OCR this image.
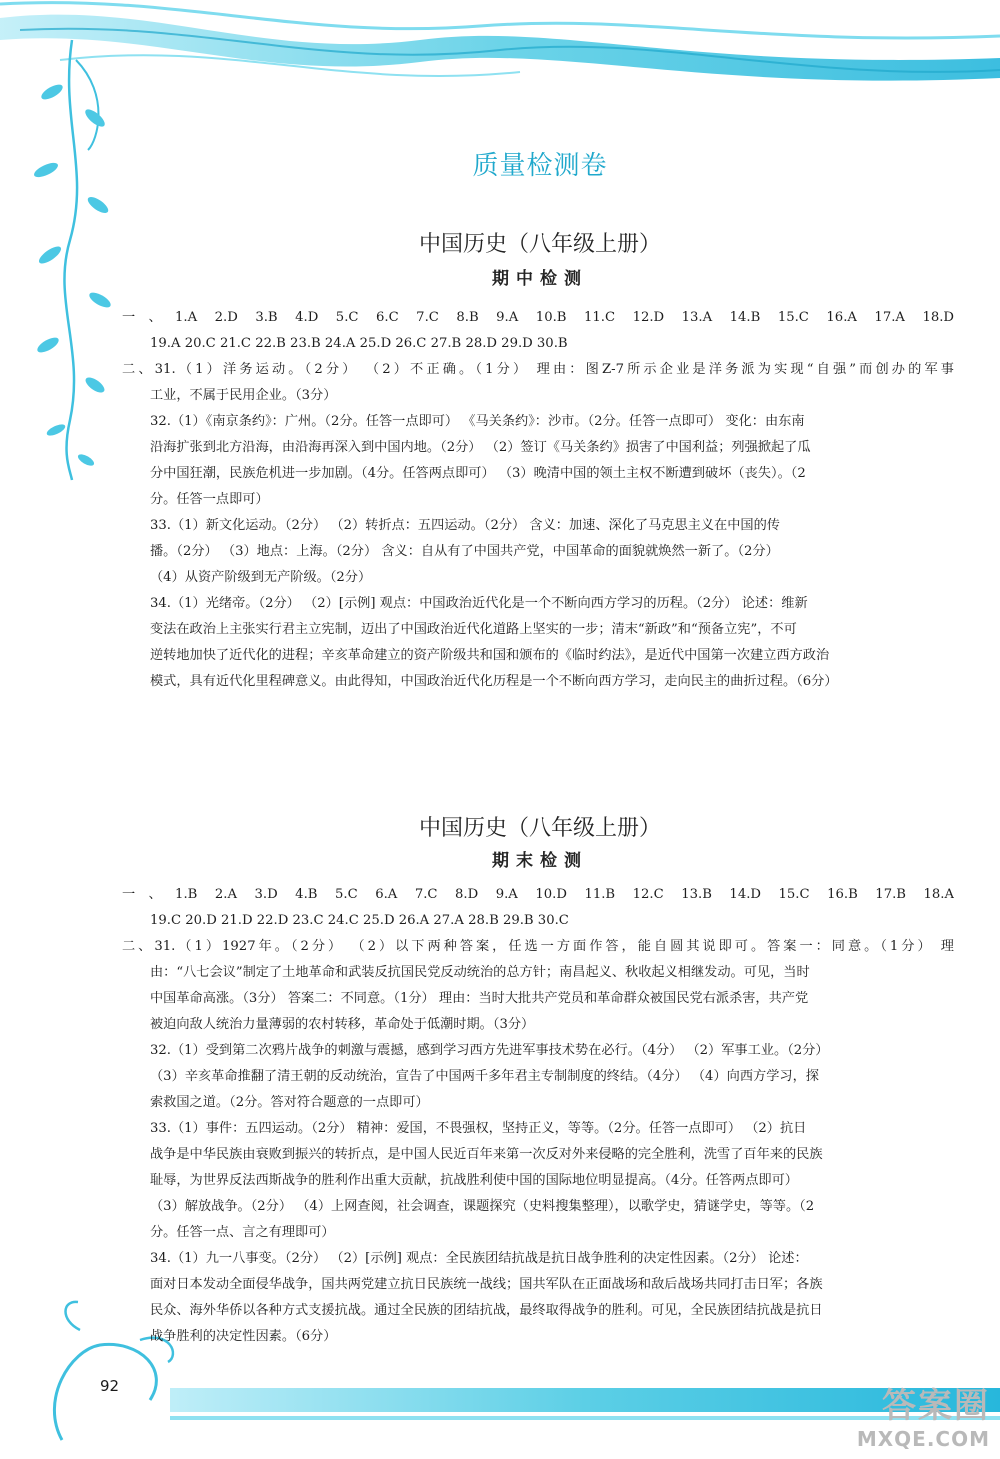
质量检测卷
中国历史（八年级上册）
期中检测
一、1.A 2.D 3.B 4.D 5.C 6.C 7.C 8.B 9.A 10.B 11.C 12.D 13.A 14.B 15.C 16.A 17.A 18.D
19.A 20.C 21.C 22.B 23.B 24.A 25.D 26.C 27.B 28.D 29.D 30.B
二、31.（1）洋务运动。（2分） （2）不正确。（1分） 理由：图Z-7所示企业是洋务派为实现“自强”而创办的军事
工业，不属于民用企业。（3分）
32.（1）《南京条约》：广州。（2分。任答一点即可） 《马关条约》：沙市。（2分。任答一点即可） 变化：由东南
沿海扩张到北方沿海，由沿海再深入到中国内地。（2分） （2）签订《马关条约》损害了中国利益；列强掀起了瓜
分中国狂潮，民族危机进一步加剧。（4分。任答两点即可） （3）晚清中国的领土主权不断遭到破坏（丧失）。（2
分。任答一点即可）
33.（1）新文化运动。（2分） （2）转折点：五四运动。（2分） 含义：加速、深化了马克思主义在中国的传
播。（2分） （3）地点：上海。（2分） 含义：自从有了中国共产党，中国革命的面貌就焕然一新了。（2分）
（4）从资产阶级到无产阶级。（2分）
34.（1）光绪帝。（2分） （2）[示例] 观点：中国政治近代化是一个不断向西方学习的历程。（2分） 论述：维新
变法在政治上主张实行君主立宪制，迈出了中国政治近代化道路上坚实的一步；清末“新政”和“预备立宪”，不可
逆转地加快了近代化的进程；辛亥革命建立的资产阶级共和国和颁布的《临时约法》，是近代中国第一次建立西方政治
模式，具有近代化里程碑意义。由此得知，中国政治近代化历程是一个不断向西方学习，走向民主的曲折过程。（6分）
中国历史（八年级上册）
期末检测
一、1.B 2.A 3.D 4.B 5.C 6.A 7.C 8.D 9.A 10.D 11.B 12.C 13.B 14.D 15.C 16.B 17.B 18.A
19.C 20.D 21.D 22.D 23.C 24.C 25.D 26.A 27.A 28.B 29.B 30.C
二、31.（1）1927年。（2分） （2）以下两种答案，任选一方面作答，能自圆其说即可。答案一：同意。（1分） 理
由：“八七会议”制定了土地革命和武装反抗国民党反动统治的总方针；南昌起义、秋收起义相继发动。可见，当时
中国革命高涨。（3分） 答案二：不同意。（1分） 理由：当时大批共产党员和革命群众被国民党右派杀害，共产党
被迫向敌人统治力量薄弱的农村转移，革命处于低潮时期。（3分）
32.（1）受到第二次鸦片战争的刺激与震撼，感到学习西方先进军事技术势在必行。（4分） （2）军事工业。（2分）
（3）辛亥革命推翻了清王朝的反动统治，宣告了中国两千多年君主专制制度的终结。（4分） （4）向西方学习，探
索救国之道。（2分。答对符合题意的一点即可）
33.（1）事件：五四运动。（2分） 精神：爱国，不畏强权，坚持正义，等等。（2分。任答一点即可） （2）抗日
战争是中华民族由衰败到振兴的转折点，是中国人民近百年来第一次反对外来侵略的完全胜利，洗雪了百年来的民族
耻辱，为世界反法西斯战争的胜利作出重大贡献，抗战胜利使中国的国际地位明显提高。（4分。任答两点即可）
（3）解放战争。（2分） （4）上网查阅，社会调查，课题探究（史料搜集整理），以歌学史，猜谜学史，等等。（2
分。任答一点、言之有理即可）
34.（1）九一八事变。（2分） （2）[示例] 观点：全民族团结抗战是抗日战争胜利的决定性因素。（2分） 论述：
面对日本发动全面侵华战争，国共两党建立抗日民族统一战线；国共军队在正面战场和敌后战场共同打击日军；各族
民众、海外华侨以各种方式支援抗战。通过全民族的团结抗战，最终取得战争的胜利。可见，全民族团结抗战是抗日
战争胜利的决定性因素。（6分）
92	答案圈
MXQE.COM
